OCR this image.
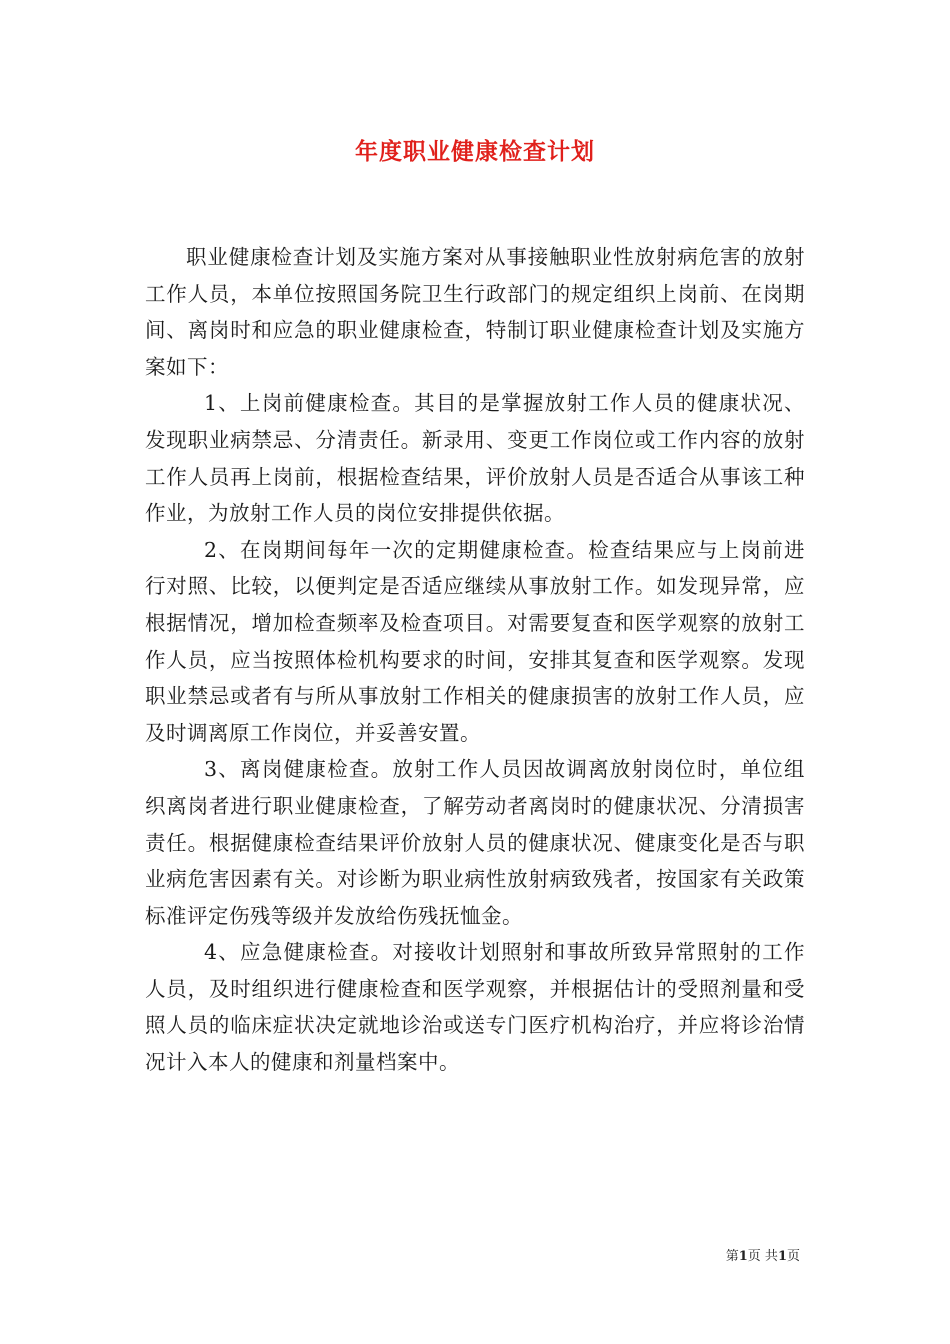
年度职业健康检查计划

职业健康检查计划及实施方案对从事接触职业性放射病危害的放射工作人员，本单位按照国务院卫生行政部门的规定组织上岗前、在岗期间、离岗时和应急的职业健康检查，特制订职业健康检查计划及实施方案如下：

1、上岗前健康检查。其目的是掌握放射工作人员的健康状况、发现职业病禁忌、分清责任。新录用、变更工作岗位或工作内容的放射工作人员再上岗前，根据检查结果，评价放射人员是否适合从事该工种作业，为放射工作人员的岗位安排提供依据。

2、在岗期间每年一次的定期健康检查。检查结果应与上岗前进行对照、比较，以便判定是否适应继续从事放射工作。如发现异常，应根据情况，增加检查频率及检查项目。对需要复查和医学观察的放射工作人员，应当按照体检机构要求的时间，安排其复查和医学观察。发现职业禁忌或者有与所从事放射工作相关的健康损害的放射工作人员，应及时调离原工作岗位，并妥善安置。

3、离岗健康检查。放射工作人员因故调离放射岗位时，单位组织离岗者进行职业健康检查，了解劳动者离岗时的健康状况、分清损害责任。根据健康检查结果评价放射人员的健康状况、健康变化是否与职业病危害因素有关。对诊断为职业病性放射病致残者，按国家有关政策标准评定伤残等级并发放给伤残抚恤金。

4、应急健康检查。对接收计划照射和事故所致异常照射的工作人员，及时组织进行健康检查和医学观察，并根据估计的受照剂量和受照人员的临床症状决定就地诊治或送专门医疗机构治疗，并应将诊治情况计入本人的健康和剂量档案中。

第1页 共1页
